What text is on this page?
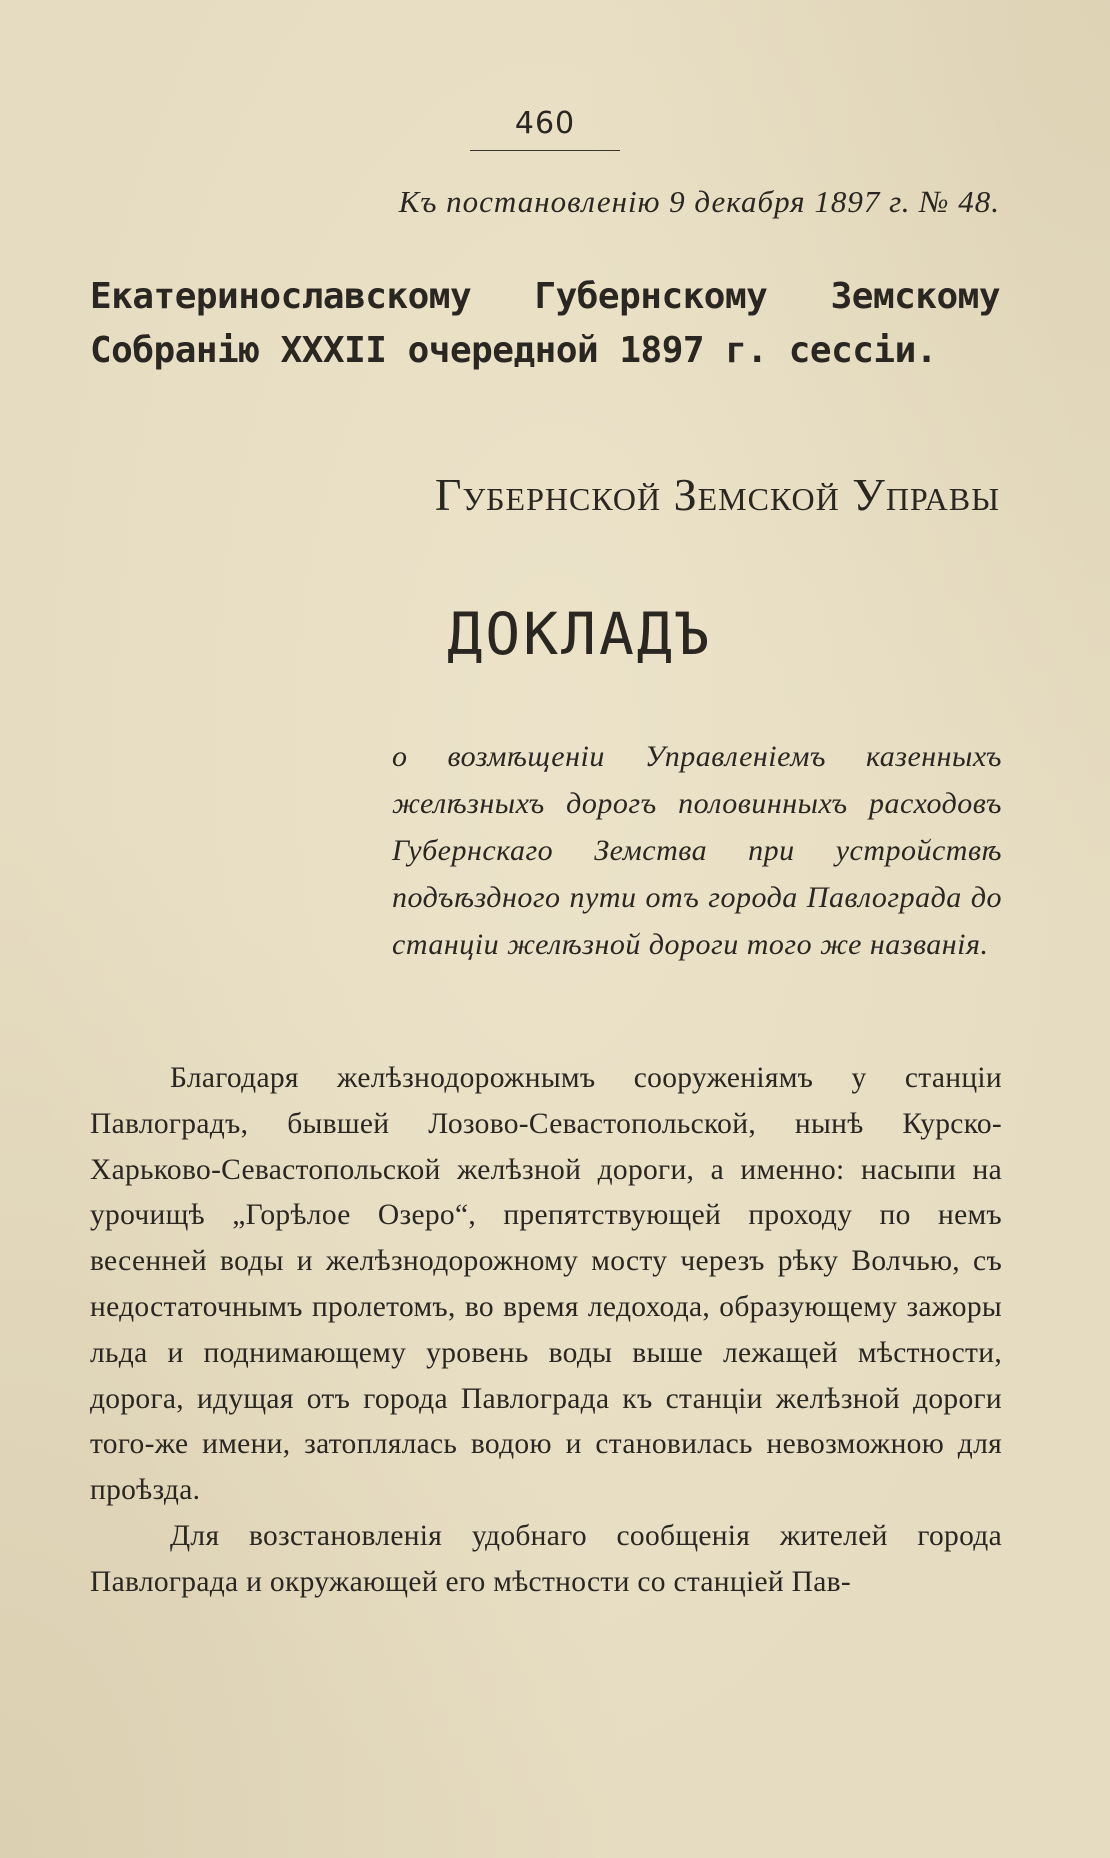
460
Къ постановленiю 9 декабря 1897 г. № 48.
Екатеринославскому Губернскому Земскому
Собранiю XXXII очередной 1897 г. сессiи.
Губернской Земской Управы
ДОКЛАДЪ
о возмѣщенiи Управленiемъ казенныхъ желѣзныхъ дорогъ половинныхъ расходовъ Губернскаго Земства при устройствѣ подъѣздного пути отъ города Павлограда до станцiи желѣзной дороги того же названiя.

Благодаря желѣзнодорожнымъ сооруженiямъ у станцiи Павлоградъ, бывшей Лозово-Севастопольской, нынѣ Курско-Харьково-Севастопольской желѣзной дороги, а именно: насыпи на урочищѣ „Горѣлое Озеро“, препятствующей проходу по немъ весенней воды и желѣзнодорожному мосту черезъ рѣку Волчью, съ недостаточнымъ пролетомъ, во время ледохода, образующему зажоры льда и поднимающему уровень воды выше лежащей мѣстности, дорога, идущая отъ города Павлограда къ станцiи желѣзной дороги того-же имени, затоплялась водою и становилась невозможною для проѣзда.

Для возстановленiя удобнаго сообщенiя жителей города Павлограда и окружающей его мѣстности со станцiей Пав-
